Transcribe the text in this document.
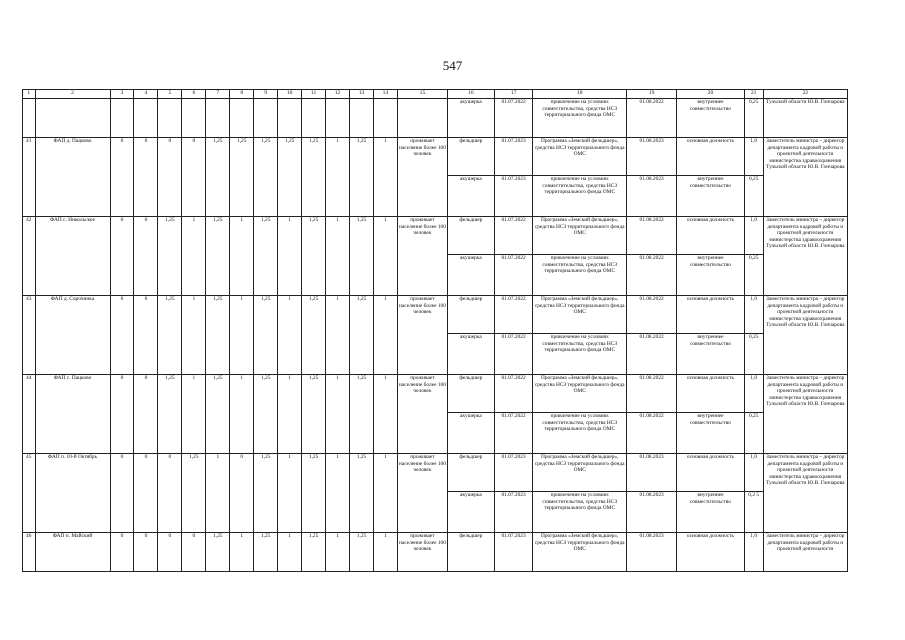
547
1	2	3	4	5	6	7	8	9	10	11	12	13	14	15	16	17	18	19	20	21	22
															акушерка	01.07.2022	привлечение на условиях совместительства, средства НСЗ территориального фонда ОМС	01.08.2022	внутреннее совместительство	0,25	Тульской области Ю.В. Гончарова
41	ФАП д. Пацково	0	0	0	0	1,25	1,25	1,25	1,25	1,25	1	1,25	1	проживает население более 100 человек	фельдшер	01.07.2023	Программа «Земский фельдшер», средства НСЗ территориального фонда ОМС	01.08.2023	основная должность	1,0	Заместитель министра – директор департамента кадровой работы и проектной деятельности министерства здравоохранения Тульской области Ю.В. Гончарова
															акушерка	01.07.2023	привлечение на условиях совместительства, средства НСЗ территориального фонда ОМС	01.08.2023	внутреннее совместительство	0,25	
42	ФАП с. Никольское	0	0	1,25	1	1,25	1	1,25	1	1,25	1	1,25	1	проживает население более 100 человек	фельдшер	01.07.2022	Программа «Земский фельдшер», средства НСЗ территориального фонда ОМС	01.08.2022	основная должность	1,0	Заместитель министра – директор департамента кадровой работы и проектной деятельности министерства здравоохранения Тульской области Ю.В. Гончарова
															акушерка	01.07.2022	привлечение на условиях совместительства, средства НСЗ территориального фонда ОМС	01.08.2022	внутреннее совместительство	0,25	
43	ФАП д. Сорочинка	0	0	1,25	1	1,25	1	1,25	1	1,25	1	1,25	1	проживает население более 100 человек	фельдшер	01.07.2022	Программа «Земский фельдшер», средства НСЗ территориального фонда ОМС	01.08.2022	основная должность	1,0	Заместитель министра – директор департамента кадровой работы и проектной деятельности министерства здравоохранения Тульской области Ю.В. Гончарова
															акушерка	01.07.2022	привлечение на условиях совместительства, средства НСЗ территориального фонда ОМС	01.08.2022	внутреннее совместительство	0,25	
44	ФАП с. Пацково	0	0	1,25	1	1,25	1	1,25	1	1,25	1	1,25	1	проживает население более 100 человек	фельдшер	01.07.2022	Программа «Земский фельдшер», средства НСЗ территориального фонда ОМС	01.08.2022	основная должность	1,0	Заместитель министра – директор департамента кадровой работы и проектной деятельности министерства здравоохранения Тульской области Ю.В. Гончарова
															акушерка	01.07.2022	привлечение на условиях совместительства, средства НСЗ территориального фонда ОМС	01.08.2022	внутреннее совместительство	0,25	
45	ФАП п. 10-й Октябрь	0	0	0	1,25	1	0	1,25	1	1,25	1	1,25	1	проживает население более 100 человек	фельдшер	01.07.2023	Программа «Земский фельдшер», средства НСЗ территориального фонда ОМС	01.08.2023	основная должность	1,0	Заместитель министра – директор департамента кадровой работы и проектной деятельности министерства здравоохранения Тульской области Ю.В. Гончарова
															акушерка	01.07.2023	привлечение на условиях совместительства, средства НСЗ территориального фонда ОМС	01.08.2023	внутреннее совместительство	0,2 5	
46	ФАП п. Майский	0	0	0	0	1,25	1	1,25	1	1,25	1	1,25	1	проживает население более 100 человек	фельдшер	01.07.2023	Программа «Земский фельдшер», средства НСЗ территориального фонда ОМС	01.08.2023	основная должность	1,0	Заместитель министра – директор департамента кадровой работы и проектной деятельности
